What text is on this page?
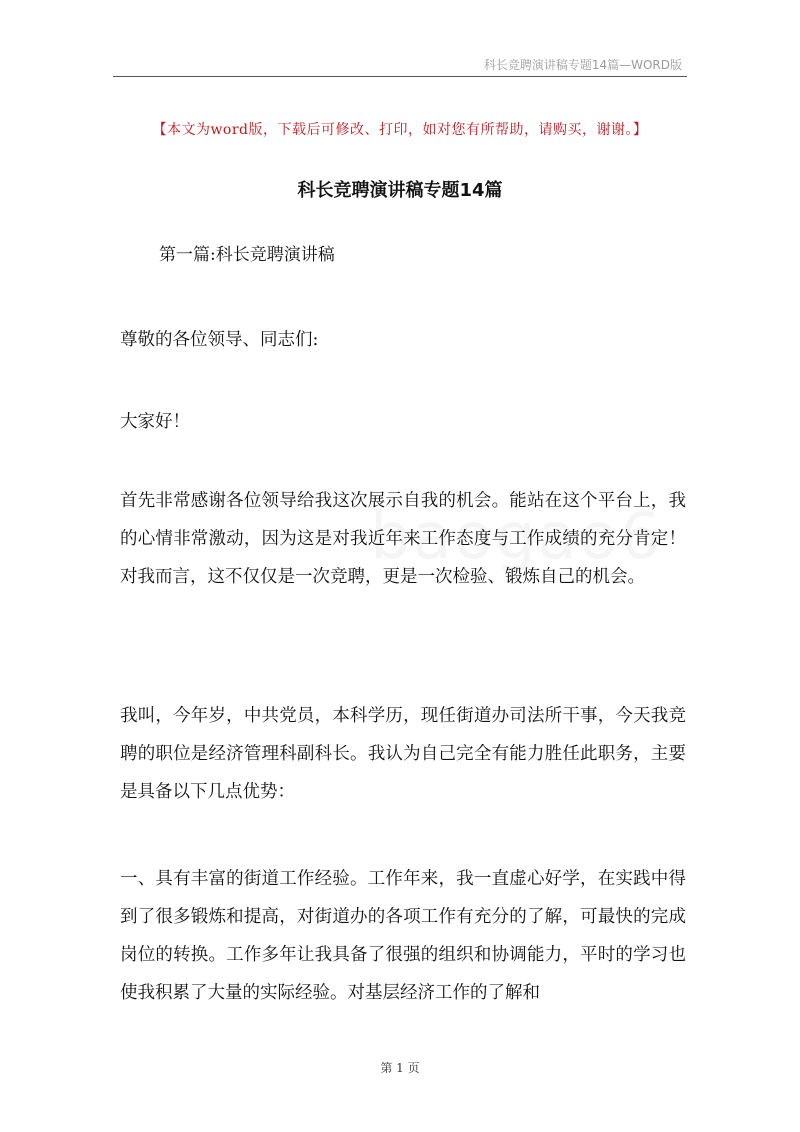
科长竞聘演讲稿专题14篇—WORD版
【本文为word版，下载后可修改、打印，如对您有所帮助，请购买，谢谢。】
科长竞聘演讲稿专题14篇
第一篇:科长竞聘演讲稿

尊敬的各位领导、同志们:

大家好！

首先非常感谢各位领导给我这次展示自我的机会。能站在这个平台上，我的心情非常激动，因为这是对我近年来工作态度与工作成绩的充分肯定！对我而言，这不仅仅是一次竞聘，更是一次检验、锻炼自己的机会。

我叫，今年岁，中共党员，本科学历，现任街道办司法所干事，今天我竞聘的职位是经济管理科副科长。我认为自己完全有能力胜任此职务，主要是具备以下几点优势：

一、具有丰富的街道工作经验。工作年来，我一直虚心好学，在实践中得到了很多锻炼和提高，对街道办的各项工作有充分的了解，可最快的完成岗位的转换。工作多年让我具备了很强的组织和协调能力，平时的学习也使我积累了大量的实际经验。对基层经济工作的了解和

第 1 页
